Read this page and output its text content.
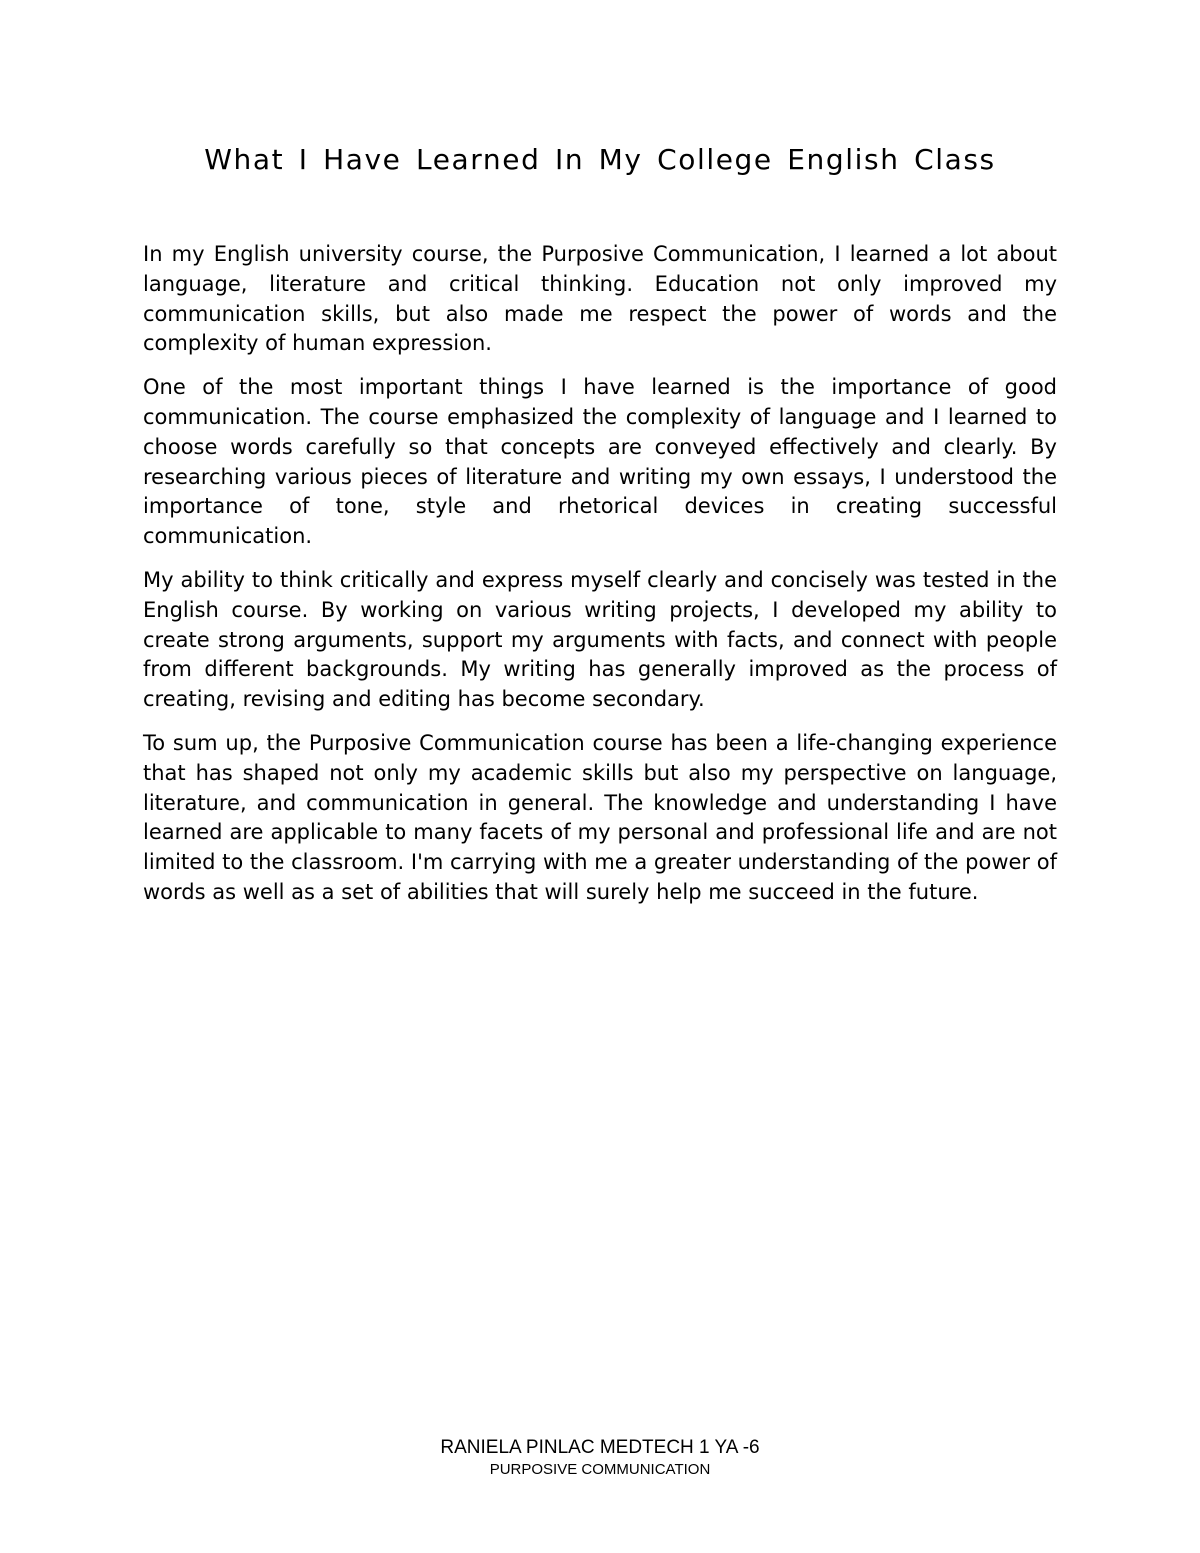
What I Have Learned In My College English Class

In my English university course, the Purposive Communication, I learned a lot about language, literature and critical thinking. Education not only improved my communication skills, but also made me respect the power of words and the complexity of human expression.

One of the most important things I have learned is the importance of good communication. The course emphasized the complexity of language and I learned to choose words carefully so that concepts are conveyed effectively and clearly. By researching various pieces of literature and writing my own essays, I understood the importance of tone, style and rhetorical devices in creating successful communication.

My ability to think critically and express myself clearly and concisely was tested in the English course. By working on various writing projects, I developed my ability to create strong arguments, support my arguments with facts, and connect with people from different backgrounds. My writing has generally improved as the process of creating, revising and editing has become secondary.

To sum up, the Purposive Communication course has been a life-changing experience that has shaped not only my academic skills but also my perspective on language, literature, and communication in general. The knowledge and understanding I have learned are applicable to many facets of my personal and professional life and are not limited to the classroom. I'm carrying with me a greater understanding of the power of words as well as a set of abilities that will surely help me succeed in the future.

RANIELA PINLAC MEDTECH 1 YA -6
PURPOSIVE COMMUNICATION
